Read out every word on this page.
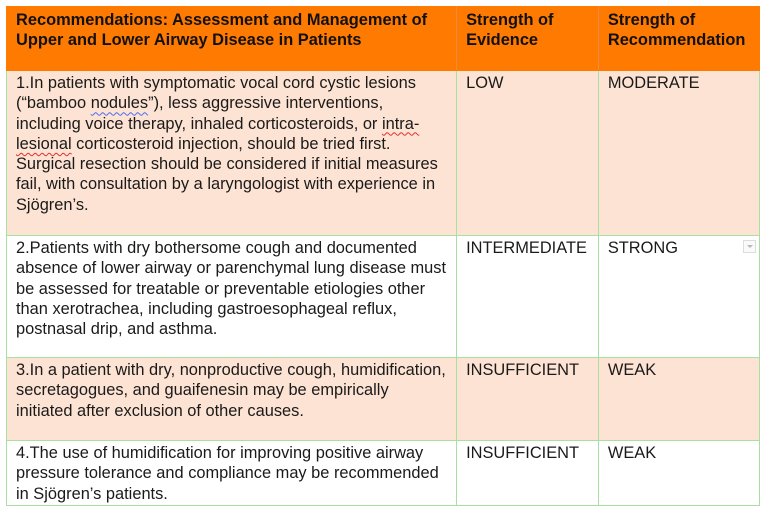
Recommendations: Assessment and Management of Upper and Lower Airway Disease in Patients	Strength of Evidence	Strength of Recommendation
1.In patients with symptomatic vocal cord cystic lesions (“bamboo nodules”), less aggressive interventions, including voice therapy, inhaled corticosteroids, or intra-lesional corticosteroid injection, should be tried first. Surgical resection should be considered if initial measures fail, with consultation by a laryngologist with experience in Sjögren’s.	LOW	MODERATE
2.Patients with dry bothersome cough and documented absence of lower airway or parenchymal lung disease must be assessed for treatable or preventable etiologies other than xerotrachea, including gastroesophageal reflux, postnasal drip, and asthma.	INTERMEDIATE	STRONG

3.In a patient with dry, nonproductive cough, humidification, secretagogues, and guaifenesin may be empirically initiated after exclusion of other causes.	INSUFFICIENT	WEAK
4.The use of humidification for improving positive airway pressure tolerance and compliance may be recommended in Sjögren’s patients.	INSUFFICIENT	WEAK
